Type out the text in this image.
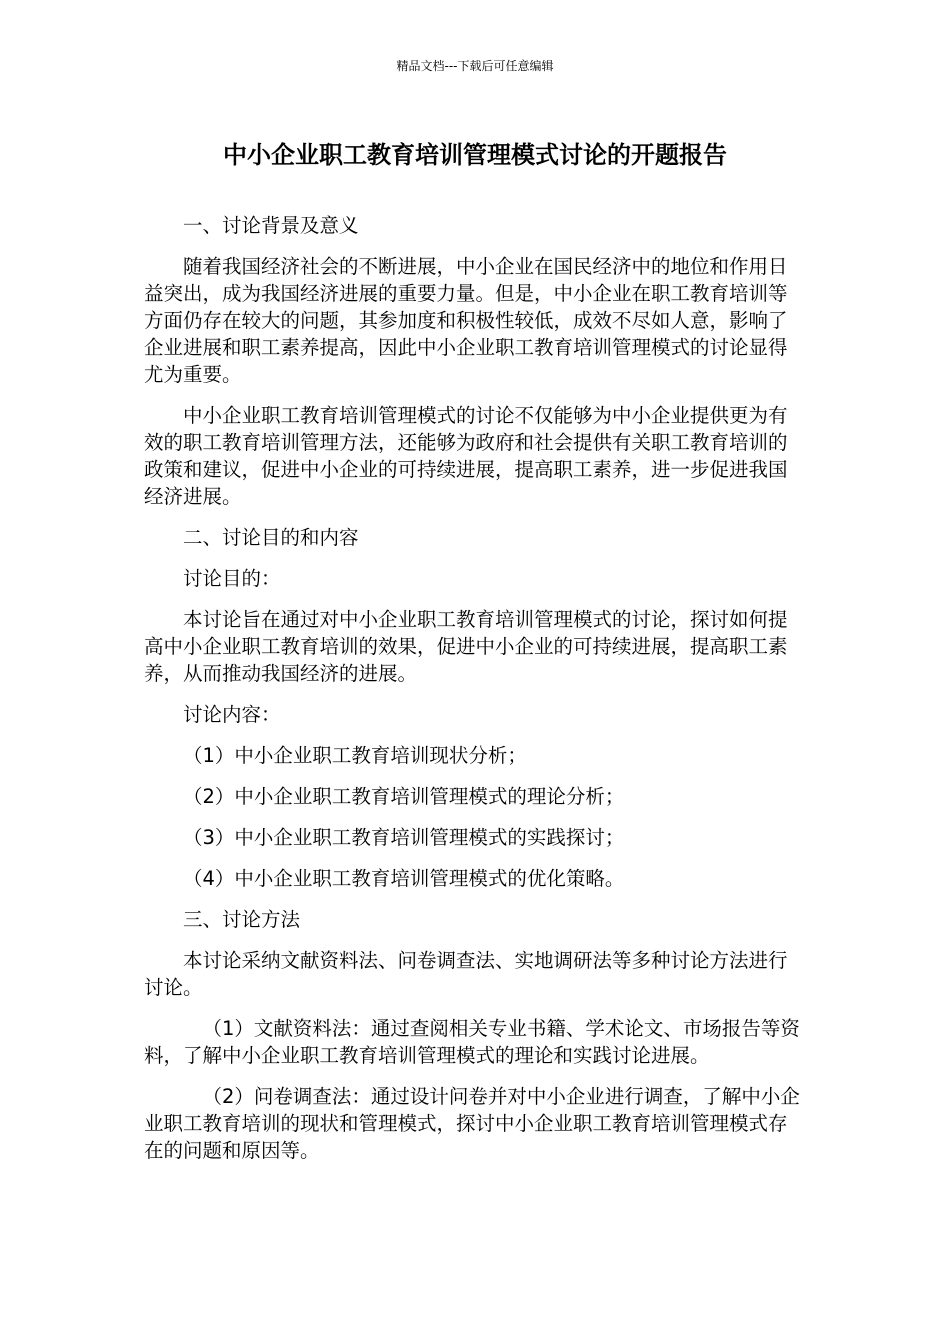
精品文档---下载后可任意编辑
中小企业职工教育培训管理模式讨论的开题报告

一、讨论背景及意义

随着我国经济社会的不断进展，中小企业在国民经济中的地位和作用日益突出，成为我国经济进展的重要力量。但是，中小企业在职工教育培训等方面仍存在较大的问题，其参加度和积极性较低，成效不尽如人意，影响了企业进展和职工素养提高，因此中小企业职工教育培训管理模式的讨论显得尤为重要。

中小企业职工教育培训管理模式的讨论不仅能够为中小企业提供更为有效的职工教育培训管理方法，还能够为政府和社会提供有关职工教育培训的政策和建议，促进中小企业的可持续进展，提高职工素养，进一步促进我国经济进展。

二、讨论目的和内容

讨论目的：

本讨论旨在通过对中小企业职工教育培训管理模式的讨论，探讨如何提高中小企业职工教育培训的效果，促进中小企业的可持续进展，提高职工素养，从而推动我国经济的进展。

讨论内容：

（1）中小企业职工教育培训现状分析；

（2）中小企业职工教育培训管理模式的理论分析；

（3）中小企业职工教育培训管理模式的实践探讨；

（4）中小企业职工教育培训管理模式的优化策略。

三、讨论方法

本讨论采纳文献资料法、问卷调查法、实地调研法等多种讨论方法进行讨论。

（1）文献资料法：通过查阅相关专业书籍、学术论文、市场报告等资料，了解中小企业职工教育培训管理模式的理论和实践讨论进展。

（2）问卷调查法：通过设计问卷并对中小企业进行调查，了解中小企业职工教育培训的现状和管理模式，探讨中小企业职工教育培训管理模式存在的问题和原因等。
